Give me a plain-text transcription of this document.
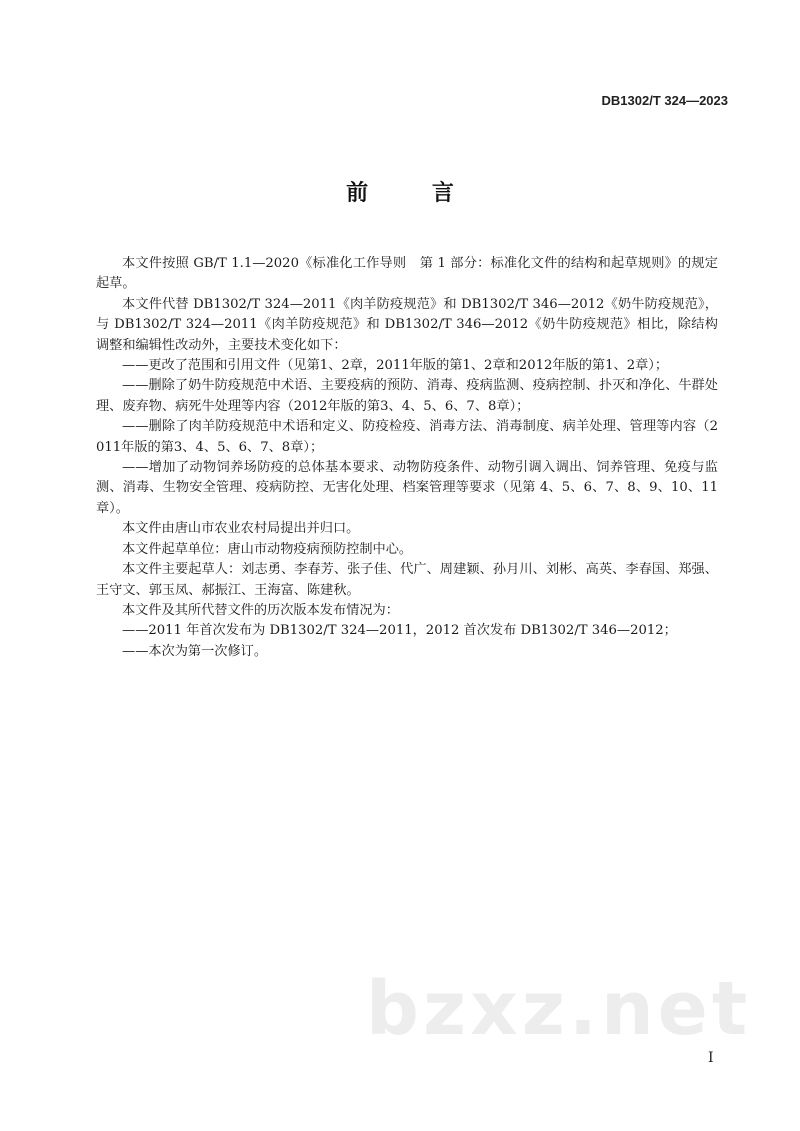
DB1302/T 324—2023
前 言

本文件按照 GB/T 1.1—2020《标准化工作导则　第 1 部分：标准化文件的结构和起草规则》的规定起草。

本文件代替 DB1302/T 324—2011《肉羊防疫规范》和 DB1302/T 346—2012《奶牛防疫规范》，与 DB1302/T 324—2011《肉羊防疫规范》和 DB1302/T 346—2012《奶牛防疫规范》相比，除结构调整和编辑性改动外，主要技术变化如下：

——更改了范围和引用文件（见第1、2章，2011年版的第1、2章和2012年版的第1、2章）；

——删除了奶牛防疫规范中术语、主要疫病的预防、消毒、疫病监测、疫病控制、扑灭和净化、牛群处理、废弃物、病死牛处理等内容（2012年版的第3、4、5、6、7、8章）；

——删除了肉羊防疫规范中术语和定义、防疫检疫、消毒方法、消毒制度、病羊处理、管理等内容（2011年版的第3、4、5、6、7、8章）；

——增加了动物饲养场防疫的总体基本要求、动物防疫条件、动物引调入调出、饲养管理、免疫与监测、消毒、生物安全管理、疫病防控、无害化处理、档案管理等要求（见第 4、5、6、7、8、9、10、11 章）。

本文件由唐山市农业农村局提出并归口。

本文件起草单位：唐山市动物疫病预防控制中心。

本文件主要起草人：刘志勇、李春芳、张子佳、代广、周建颖、孙月川、刘彬、高英、李春国、郑强、王守文、郭玉凤、郝振江、王海富、陈建秋。

本文件及其所代替文件的历次版本发布情况为：

——2011 年首次发布为 DB1302/T 324—2011，2012 首次发布 DB1302/T 346—2012；

——本次为第一次修订。

bzxz.net
I
